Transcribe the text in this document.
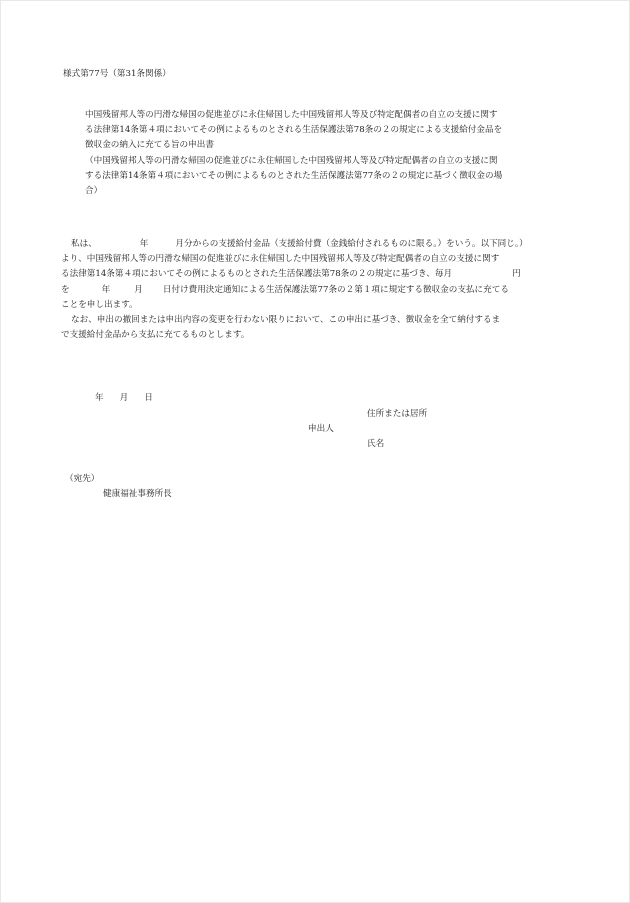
様式第77号（第31条関係）
中国残留邦人等の円滑な帰国の促進並びに永住帰国した中国残留邦人等及び特定配偶者の自立の支援に関す
る法律第14条第４項においてその例によるものとされる生活保護法第78条の２の規定による支援給付金品を
徴収金の納入に充てる旨の申出書
（中国残留邦人等の円滑な帰国の促進並びに永住帰国した中国残留邦人等及び特定配偶者の自立の支援に関
する法律第14条第４項においてその例によるものとされた生活保護法第77条の２の規定に基づく徴収金の場
合）
私は、	年	月分からの支援給付金品（支援給付費（金銭給付されるものに限る。）をいう。以下同じ。）
より、中国残留邦人等の円滑な帰国の促進並びに永住帰国した中国残留邦人等及び特定配偶者の自立の支援に関す
る法律第14条第４項においてその例によるものとされた生活保護法第78条の２の規定に基づき、毎月	円
を	年	月 日付け費用決定通知による生活保護法第77条の２第１項に規定する徴収金の支払に充てる
ことを申し出ます。
なお、申出の撤回または申出内容の変更を行わない限りにおいて、この申出に基づき、徴収金を全て納付するま
で支援給付金品から支払に充てるものとします。
年 月 日
住所または居所
申出人
氏名
（宛先）
健康福祉事務所長
